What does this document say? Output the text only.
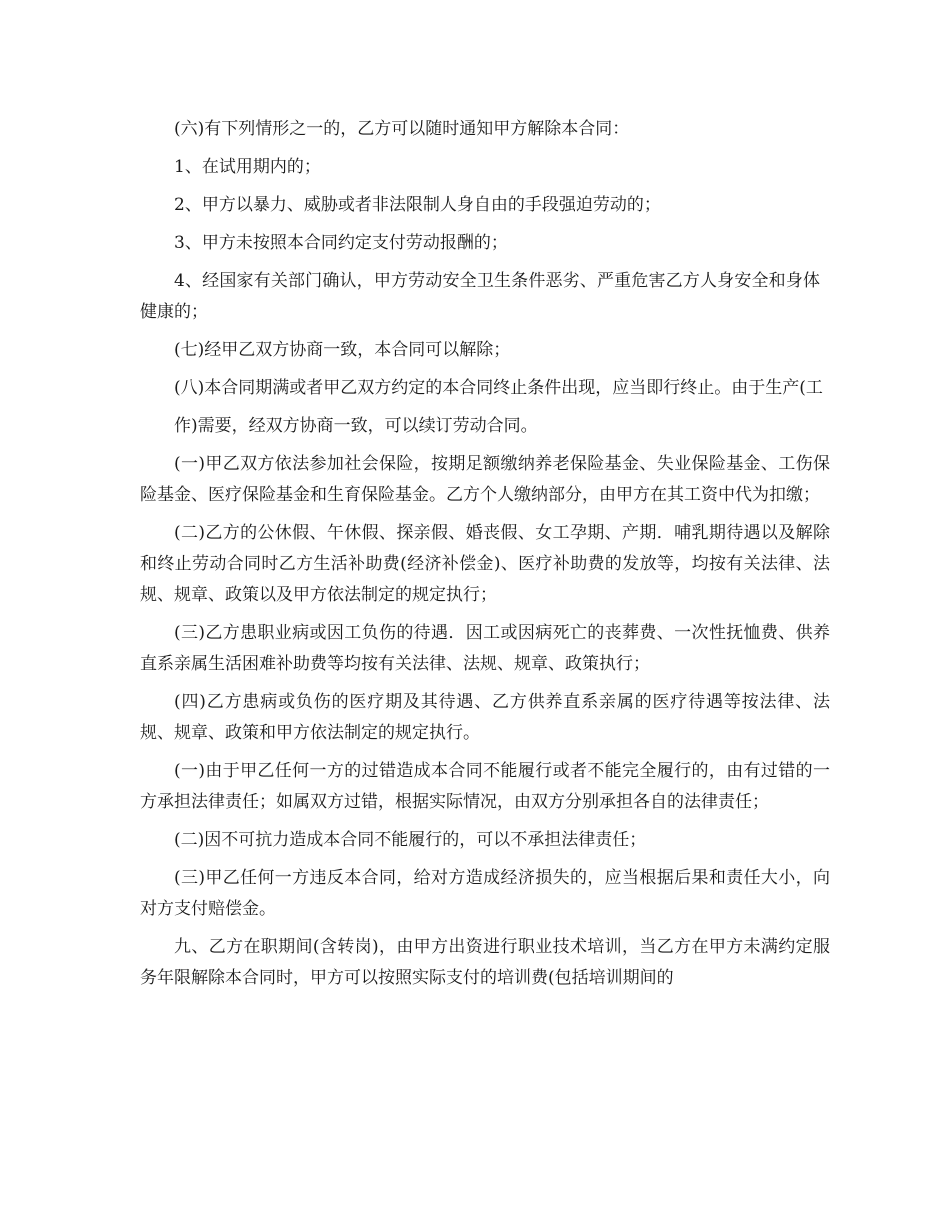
(六)有下列情形之一的，乙方可以随时通知甲方解除本合同：

1、在试用期内的；

2、甲方以暴力、威胁或者非法限制人身自由的手段强迫劳动的；

3、甲方未按照本合同约定支付劳动报酬的；

4、经国家有关部门确认，甲方劳动安全卫生条件恶劣、严重危害乙方人身安全和身体健康的；

(七)经甲乙双方协商一致，本合同可以解除；

(八)本合同期满或者甲乙双方约定的本合同终止条件出现，应当即行终止。由于生产(工

作)需要，经双方协商一致，可以续订劳动合同。

(一)甲乙双方依法参加社会保险，按期足额缴纳养老保险基金、失业保险基金、工伤保险基金、医疗保险基金和生育保险基金。乙方个人缴纳部分，由甲方在其工资中代为扣缴；

(二)乙方的公休假、午休假、探亲假、婚丧假、女工孕期、产期．哺乳期待遇以及解除和终止劳动合同时乙方生活补助费(经济补偿金)、医疗补助费的发放等，均按有关法律、法规、规章、政策以及甲方依法制定的规定执行；

(三)乙方患职业病或因工负伤的待遇．因工或因病死亡的丧葬费、一次性抚恤费、供养直系亲属生活困难补助费等均按有关法律、法规、规章、政策执行；

(四)乙方患病或负伤的医疗期及其待遇、乙方供养直系亲属的医疗待遇等按法律、法规、规章、政策和甲方依法制定的规定执行。

(一)由于甲乙任何一方的过错造成本合同不能履行或者不能完全履行的，由有过错的一方承担法律责任；如属双方过错，根据实际情况，由双方分别承担各自的法律责任；

(二)因不可抗力造成本合同不能履行的，可以不承担法律责任；

(三)甲乙任何一方违反本合同，给对方造成经济损失的，应当根据后果和责任大小，向对方支付赔偿金。

九、乙方在职期间(含转岗)，由甲方出资进行职业技术培训，当乙方在甲方未满约定服务年限解除本合同时，甲方可以按照实际支付的培训费(包括培训期间的
